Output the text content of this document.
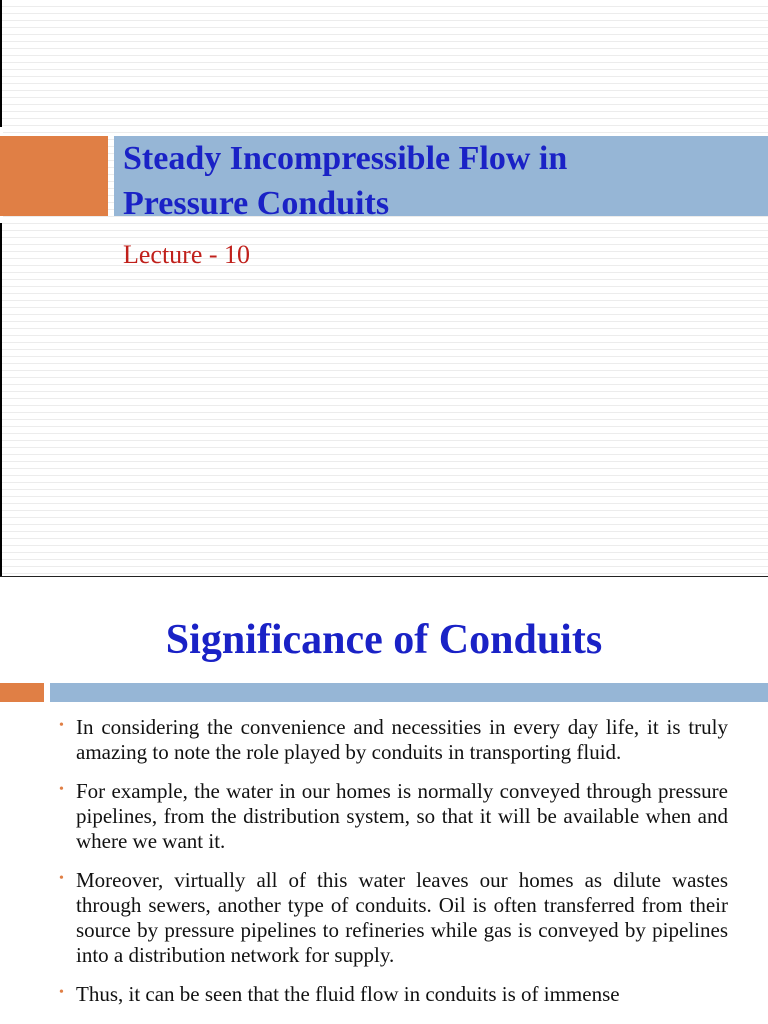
Steady Incompressible Flow in
Pressure Conduits

Lecture - 10

Significance of Conduits
• In considering the convenience and necessities in every day life, it is truly amazing to note the role played by conduits in transporting fluid.
• For example, the water in our homes is normally conveyed through pressure pipelines, from the distribution system, so that it will be available when and where we want it.
• Moreover, virtually all of this water leaves our homes as dilute wastes through sewers, another type of conduits. Oil is often transferred from their source by pressure pipelines to refineries while gas is conveyed by pipelines into a distribution network for supply.
• Thus, it can be seen that the fluid flow in conduits is of immense
